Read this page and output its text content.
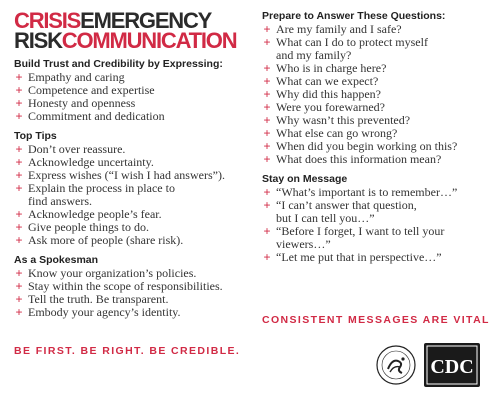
CRISISEMERGENCY
RISKCOMMUNICATION
Build Trust and Credibility by Expressing:
+ Empathy and caring
+ Competence and expertise
+ Honesty and openness
+ Commitment and dedication
Top Tips
+ Don’t over reassure.
+ Acknowledge uncertainty.
+ Express wishes (“I wish I had answers”).
+ Explain the process in place to
find answers.
+ Acknowledge people’s fear.
+ Give people things to do.
+ Ask more of people (share risk).
As a Spokesman
+ Know your organization’s policies.
+ Stay within the scope of responsibilities.
+ Tell the truth. Be transparent.
+ Embody your agency’s identity.
Prepare to Answer These Questions:
+ Are my family and I safe?
+ What can I do to protect myself
and my family?
+ Who is in charge here?
+ What can we expect?
+ Why did this happen?
+ Were you forewarned?
+ Why wasn’t this prevented?
+ What else can go wrong?
+ When did you begin working on this?
+ What does this information mean?
Stay on Message
+ “What’s important is to remember…”
+ “I can’t answer that question,
but I can tell you…”
+ “Before I forget, I want to tell your
viewers…”
+ “Let me put that in perspective…”
CONSISTENT MESSAGES ARE VITAL
BE FIRST. BE RIGHT. BE CREDIBLE.
CDC
